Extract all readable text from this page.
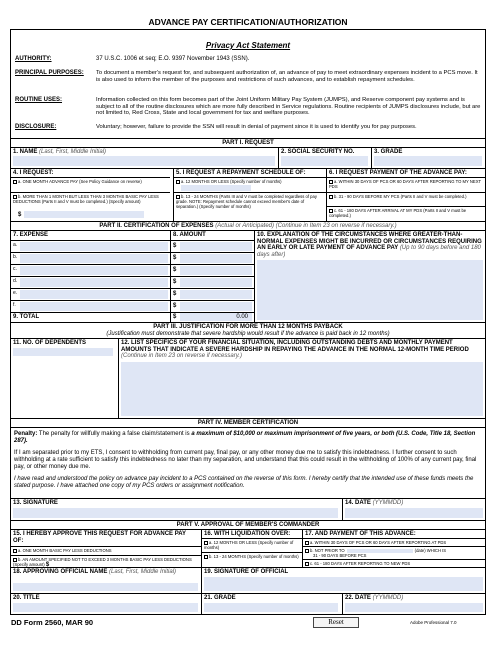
ADVANCE PAY CERTIFICATION/AUTHORIZATION
Privacy Act Statement
AUTHORITY:	37 U.S.C. 1006 et seq; E.O. 9397 November 1943 (SSN).
PRINCIPAL PURPOSES: To document a member's request for, and subsequent authorization of, an advance of pay to meet extraordinary expenses incident to a PCS move. It is also used to inform the member of the purposes and restrictions of such advances, and to establish repayment schedules.
ROUTINE USES:	Information collected on this form becomes part of the Joint Uniform Military Pay System (JUMPS), and Reserve component pay systems and is subject to all of the routine disclosures which are more fully described in Service regulations. Routine recipients of JUMPS disclosures include, but are not limited to, Red Cross, State and local government for tax and welfare purposes.
DISCLOSURE:	Voluntary; however, failure to provide the SSN will result in denial of payment since it is used to identify you for pay purposes.
PART I. REQUEST
1. NAME (Last, First, Middle Initial)	2. SOCIAL SECURITY NO.	3. GRADE
4. I REQUEST:
a. ONE MONTH ADVANCE PAY (See Policy Guidance on reverse)
b. MORE THAN 1 MONTH BUT LESS THAN 3 MONTHS BASIC PAY LESS DEDUCTIONS (Parts II and V must be completed.) (Specify amount)
$
5. I REQUEST A REPAYMENT SCHEDULE OF:
a. 12 MONTHS OR LESS (Specify number of months)
b. 13 - 24 MONTHS (Parts III and V must be completed regardless of pay grade. NOTE: Repayment schedule cannot exceed member's date of separation.) (Specify number of months)
6. I REQUEST PAYMENT OF THE ADVANCE PAY:
a. WITHIN 30 DAYS OF PCS OR 60 DAYS AFTER REPORTING TO MY NEXT PDS
b. 31 - 90 DAYS BEFORE MY PCS (Parts II and V must be completed.)
c. 61 - 180 DAYS AFTER ARRIVAL AT MY PDS (Parts II and V must be completed.)
PART II. CERTIFICATION OF EXPENSES (Actual or Anticipated) (Continue in Item 23 on reverse if necessary.)
7. EXPENSE	8. AMOUNT
a.	$
b.	$
c.	$
d.	$
e.	$
f.	$
9. TOTAL	$	0.00
10. EXPLANATION OF THE CIRCUMSTANCES WHERE GREATER-THAN-NORMAL EXPENSES MIGHT BE INCURRED OR CIRCUMSTANCES REQUIRING AN EARLY OR LATE PAYMENT OF ADVANCE PAY (Up to 90 days before and 180 days after)
PART III. JUSTIFICATION FOR MORE THAN 12 MONTHS PAYBACK
(Justification must demonstrate that severe hardship would result if the advance is paid back in 12 months)
11. NO. OF DEPENDENTS	12. LIST SPECIFICS OF YOUR FINANCIAL SITUATION, INCLUDING OUTSTANDING DEBTS AND MONTHLY PAYMENT AMOUNTS THAT INDICATE A SEVERE HARDSHIP IN REPAYING THE ADVANCE IN THE NORMAL 12-MONTH TIME PERIOD (Continue in Item 23 on reverse if necessary.)
PART IV. MEMBER CERTIFICATION
Penalty: The penalty for willfully making a false claim/statement is a maximum of $10,000 or maximum imprisonment of five years, or both (U.S. Code, Title 18, Section 287).
If I am separated prior to my ETS, I consent to withholding from current pay, final pay, or any other money due me to satisfy this indebtedness. I further consent to such withholding at a rate sufficient to satisfy this indebtedness no later than my separation, and understand that this could result in the withholding of 100% of any current pay, final pay, or other money due me.
I have read and understood the policy on advance pay incident to a PCS contained on the reverse of this form. I hereby certify that the intended use of these funds meets the stated purpose. I have attached one copy of my PCS orders or assignment notification.
13. SIGNATURE	14. DATE (YYMMDD)
PART V. APPROVAL OF MEMBER'S COMMANDER
15. I HEREBY APPROVE THIS REQUEST FOR ADVANCE PAY OF:
a. ONE MONTH BASIC PAY LESS DEDUCTIONS
b. AN AMOUNT SPECIFIED NOT TO EXCEED 3 MONTHS BASIC PAY LESS DEDUCTIONS (Specify amount) $
16. WITH LIQUIDATION OVER:
a. 12 MONTHS OR LESS (Specify number of months)
b. 13 - 24 MONTHS (Specify number of months)
17. AND PAYMENT OF THIS ADVANCE:
a. WITHIN 30 DAYS OF PCS OR 60 DAYS AFTER REPORTING AT PDS
b. NOT PRIOR TO	(date) WHICH IS
31 - 90 DAYS BEFORE PCS
c. 61 - 180 DAYS AFTER REPORTING TO NEW PDS
18. APPROVING OFFICIAL NAME (Last, First, Middle Initial)	19. SIGNATURE OF OFFICIAL
20. TITLE	21. GRADE	22. DATE (YYMMDD)
DD Form 2560, MAR 90	Reset	Adobe Professional 7.0
